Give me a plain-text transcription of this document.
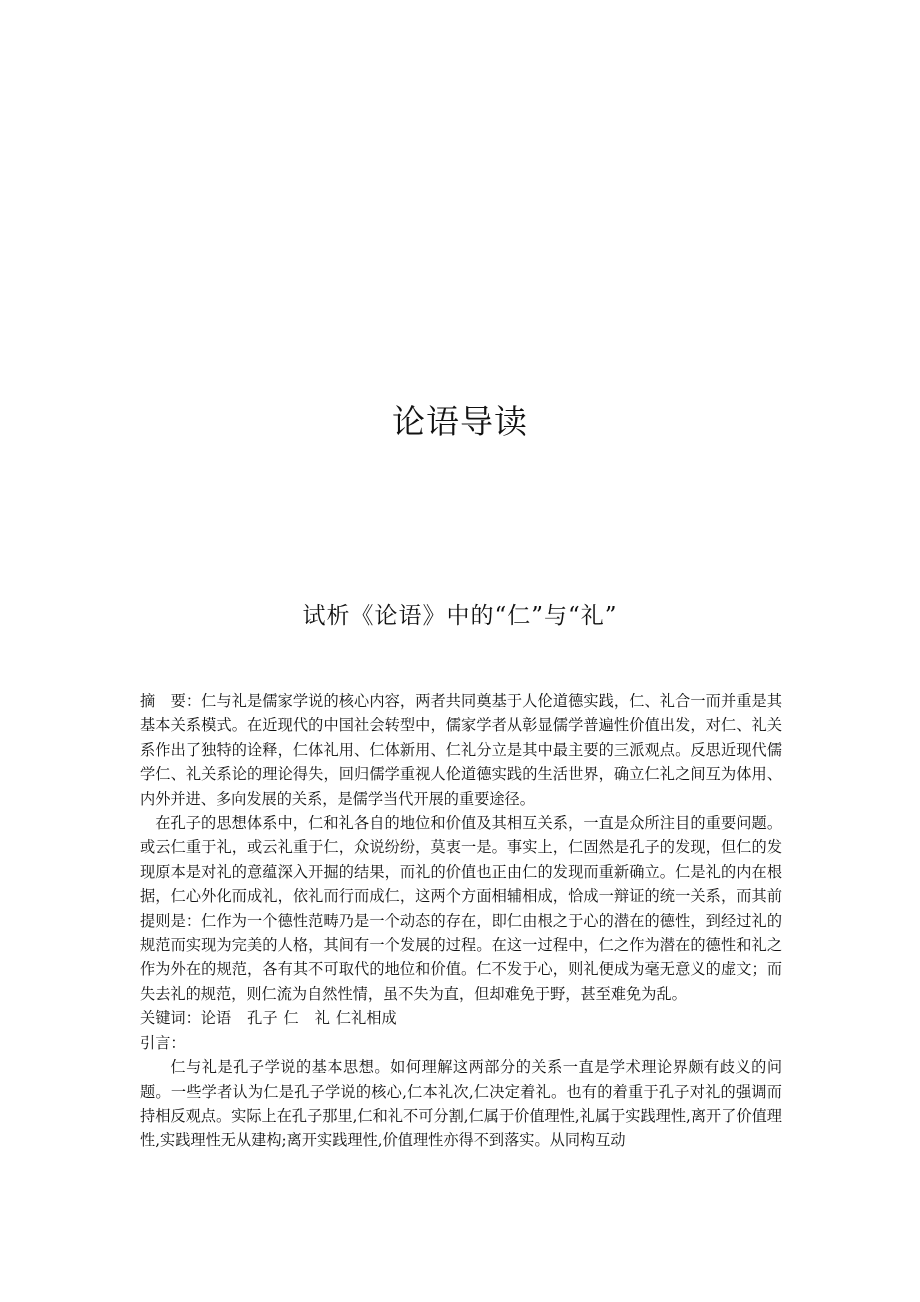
论语导读
试析《论语》中的“仁”与“礼”

摘　要：仁与礼是儒家学说的核心内容，两者共同奠基于人伦道德实践，仁、礼合一而并重是其基本关系模式。在近现代的中国社会转型中，儒家学者从彰显儒学普遍性价值出发，对仁、礼关系作出了独特的诠释，仁体礼用、仁体新用、仁礼分立是其中最主要的三派观点。反思近现代儒学仁、礼关系论的理论得失，回归儒学重视人伦道德实践的生活世界，确立仁礼之间互为体用、内外并进、多向发展的关系，是儒学当代开展的重要途径。

在孔子的思想体系中，仁和礼各自的地位和价值及其相互关系，一直是众所注目的重要问题。或云仁重于礼，或云礼重于仁，众说纷纷，莫衷一是。事实上，仁固然是孔子的发现，但仁的发现原本是对礼的意蕴深入开掘的结果，而礼的价值也正由仁的发现而重新确立。仁是礼的内在根据，仁心外化而成礼，依礼而行而成仁，这两个方面相辅相成，恰成一辩证的统一关系，而其前提则是：仁作为一个德性范畴乃是一个动态的存在，即仁由根之于心的潜在的德性，到经过礼的规范而实现为完美的人格，其间有一个发展的过程。在这一过程中，仁之作为潜在的德性和礼之作为外在的规范，各有其不可取代的地位和价值。仁不发于心，则礼便成为毫无意义的虚文；而失去礼的规范，则仁流为自然性情，虽不失为直，但却难免于野，甚至难免为乱。

关键词：论语 孔子 仁 礼 仁礼相成

引言：

仁与礼是孔子学说的基本思想。如何理解这两部分的关系一直是学术理论界颇有歧义的问题。一些学者认为仁是孔子学说的核心,仁本礼次,仁决定着礼。也有的着重于孔子对礼的强调而持相反观点。实际上在孔子那里,仁和礼不可分割,仁属于价值理性,礼属于实践理性,离开了价值理性,实践理性无从建构;离开实践理性,价值理性亦得不到落实。从同构互动
